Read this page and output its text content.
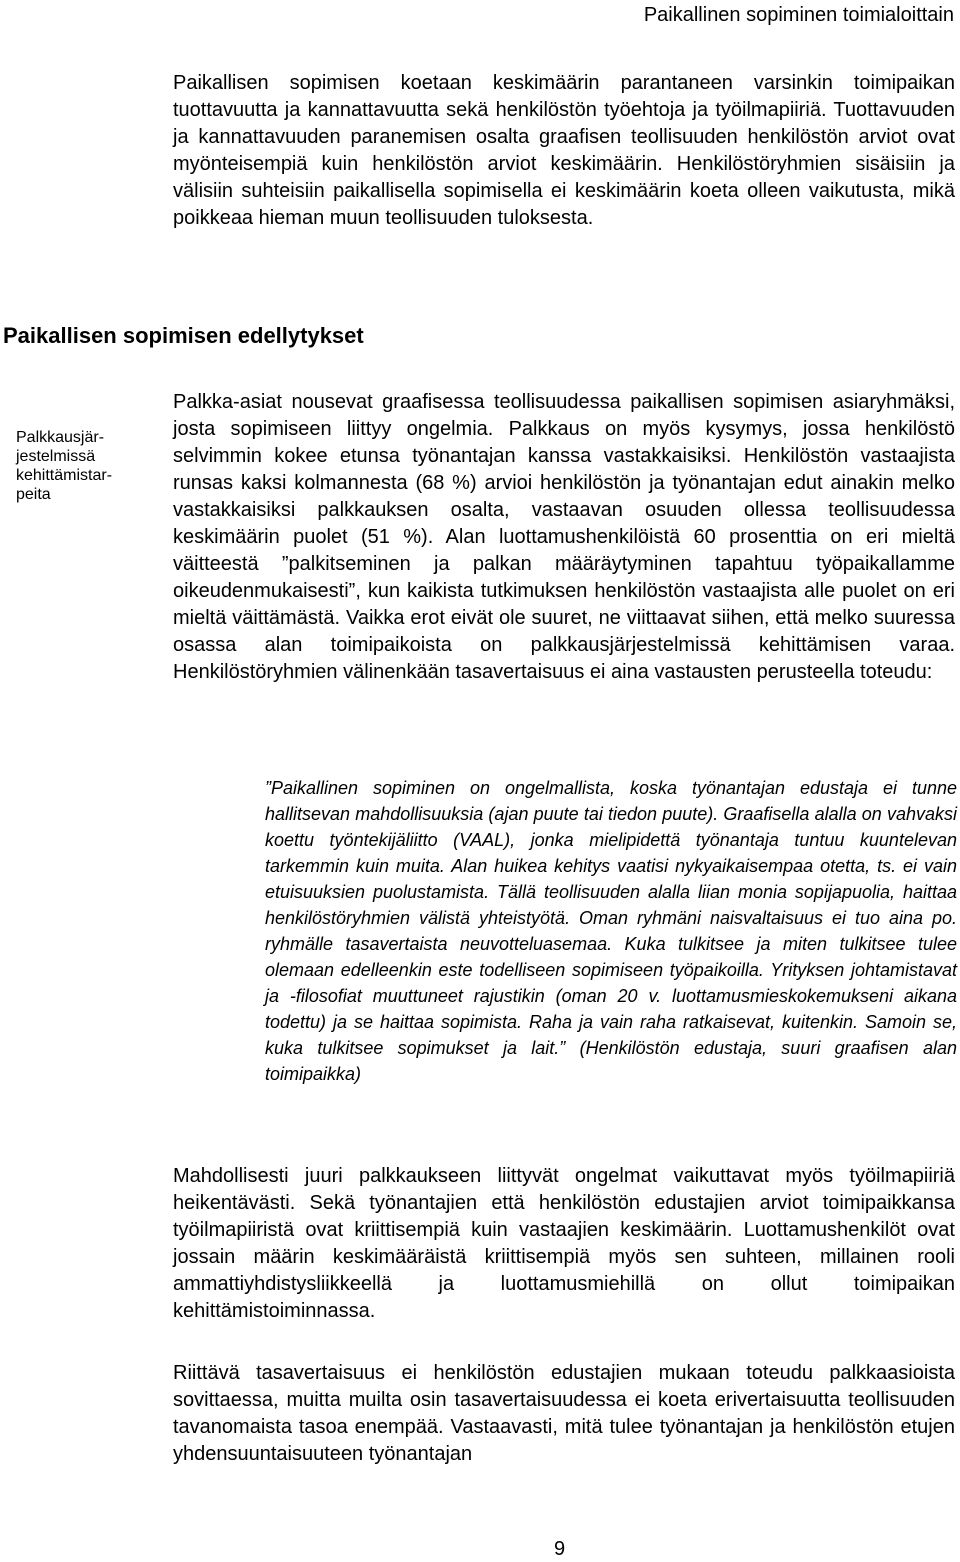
Paikallinen sopiminen toimialoittain

Paikallisen sopimisen koetaan keskimäärin parantaneen varsinkin toimipaikan tuottavuutta ja kannattavuutta sekä henkilöstön työehtoja ja työilmapiiriä. Tuottavuuden ja kannattavuuden paranemisen osalta graafisen teollisuuden henkilöstön arviot ovat myönteisempiä kuin henkilöstön arviot keskimäärin. Henkilöstöryhmien sisäisiin ja välisiin suhteisiin paikallisella sopimisella ei keskimäärin koeta olleen vaikutusta, mikä poikkeaa hieman muun teollisuuden tuloksesta.

Paikallisen sopimisen edellytykset

Palkkausjär-
jestelmissä
kehittämistar-
peita

Palkka-asiat nousevat graafisessa teollisuudessa paikallisen sopimisen asiaryhmäksi, josta sopimiseen liittyy ongelmia. Palkkaus on myös kysymys, jossa henkilöstö selvimmin kokee etunsa työnantajan kanssa vastakkaisiksi. Henkilöstön vastaajista runsas kaksi kolmannesta (68 %) arvioi henkilöstön ja työnantajan edut ainakin melko vastakkaisiksi palkkauksen osalta, vastaavan osuuden ollessa teollisuudessa keskimäärin puolet (51 %). Alan luottamushenkilöistä 60 prosenttia on eri mieltä väitteestä ”palkitseminen ja palkan määräytyminen tapahtuu työpaikallamme oikeudenmukaisesti”, kun kaikista tutkimuksen henkilöstön vastaajista alle puolet on eri mieltä väittämästä. Vaikka erot eivät ole suuret, ne viittaavat siihen, että melko suuressa osassa alan toimipaikoista on palkkausjärjestelmissä kehittämisen varaa. Henkilöstöryhmien välinenkään tasavertaisuus ei aina vastausten perusteella toteudu:

”Paikallinen sopiminen on ongelmallista, koska työnantajan edustaja ei tunne hallitsevan mahdollisuuksia (ajan puute tai tiedon puute). Graafisella alalla on vahvaksi koettu työntekijäliitto (VAAL), jonka mielipidettä työnantaja tuntuu kuuntelevan tarkemmin kuin muita. Alan huikea kehitys vaatisi nykyaikaisempaa otetta, ts. ei vain etuisuuksien puolustamista. Tällä teollisuuden alalla liian monia sopijapuolia, haittaa henkilöstöryhmien välistä yhteistyötä. Oman ryhmäni naisvaltaisuus ei tuo aina po. ryhmälle tasavertaista neuvotteluasemaa. Kuka tulkitsee ja miten tulkitsee tulee olemaan edelleenkin este todelliseen sopimiseen työpaikoilla. Yrityksen johtamistavat ja -filosofiat muuttuneet rajustikin (oman 20 v. luottamusmieskokemukseni aikana todettu) ja se haittaa sopimista. Raha ja vain raha ratkaisevat, kuitenkin. Samoin se, kuka tulkitsee sopimukset ja lait.” (Henkilöstön edustaja, suuri graafisen alan toimipaikka)

Mahdollisesti juuri palkkaukseen liittyvät ongelmat vaikuttavat myös työilmapiiriä heikentävästi. Sekä työnantajien että henkilöstön edustajien arviot toimipaikkansa työilmapiiristä ovat kriittisempiä kuin vastaajien keskimäärin. Luottamushenkilöt ovat jossain määrin keskimääräistä kriittisempiä myös sen suhteen, millainen rooli ammattiyhdistysliikkeellä ja luottamusmiehillä on ollut toimipaikan kehittämistoiminnassa.

Riittävä tasavertaisuus ei henkilöstön edustajien mukaan toteudu palkkaasioista sovittaessa, muitta muilta osin tasavertaisuudessa ei koeta erivertaisuutta teollisuuden tavanomaista tasoa enempää. Vastaavasti, mitä tulee työnantajan ja henkilöstön etujen yhdensuuntaisuuteen työnantajan

9
